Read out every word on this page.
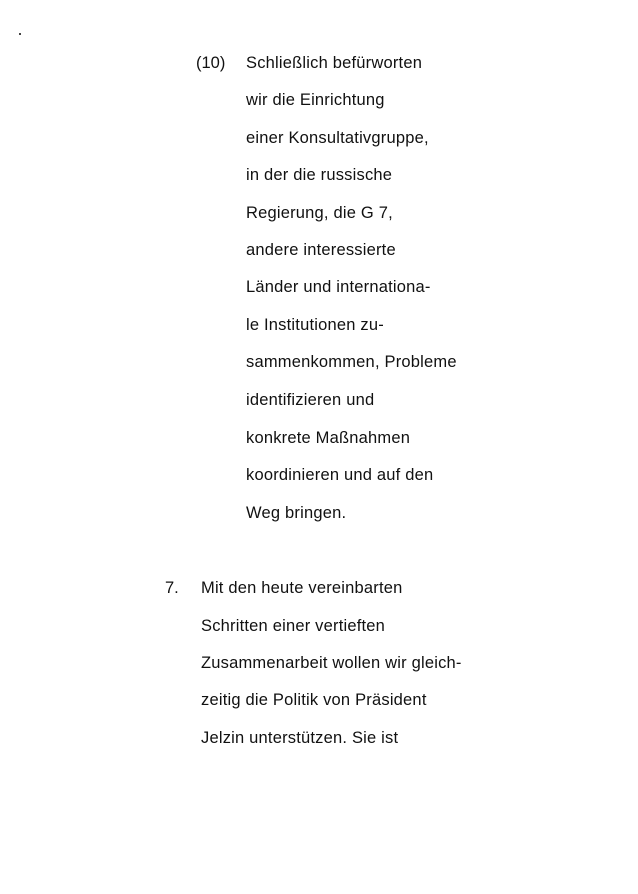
(10) Schließlich befürworten
wir die Einrichtung
einer Konsultativgruppe,
in der die russische
Regierung, die G 7,
andere interessierte
Länder und internationa-
le Institutionen zu-
sammenkommen, Probleme
identifizieren und
konkrete Maßnahmen
koordinieren und auf den
Weg bringen.
7. Mit den heute vereinbarten
Schritten einer vertieften
Zusammenarbeit wollen wir gleich-
zeitig die Politik von Präsident
Jelzin unterstützen. Sie ist
